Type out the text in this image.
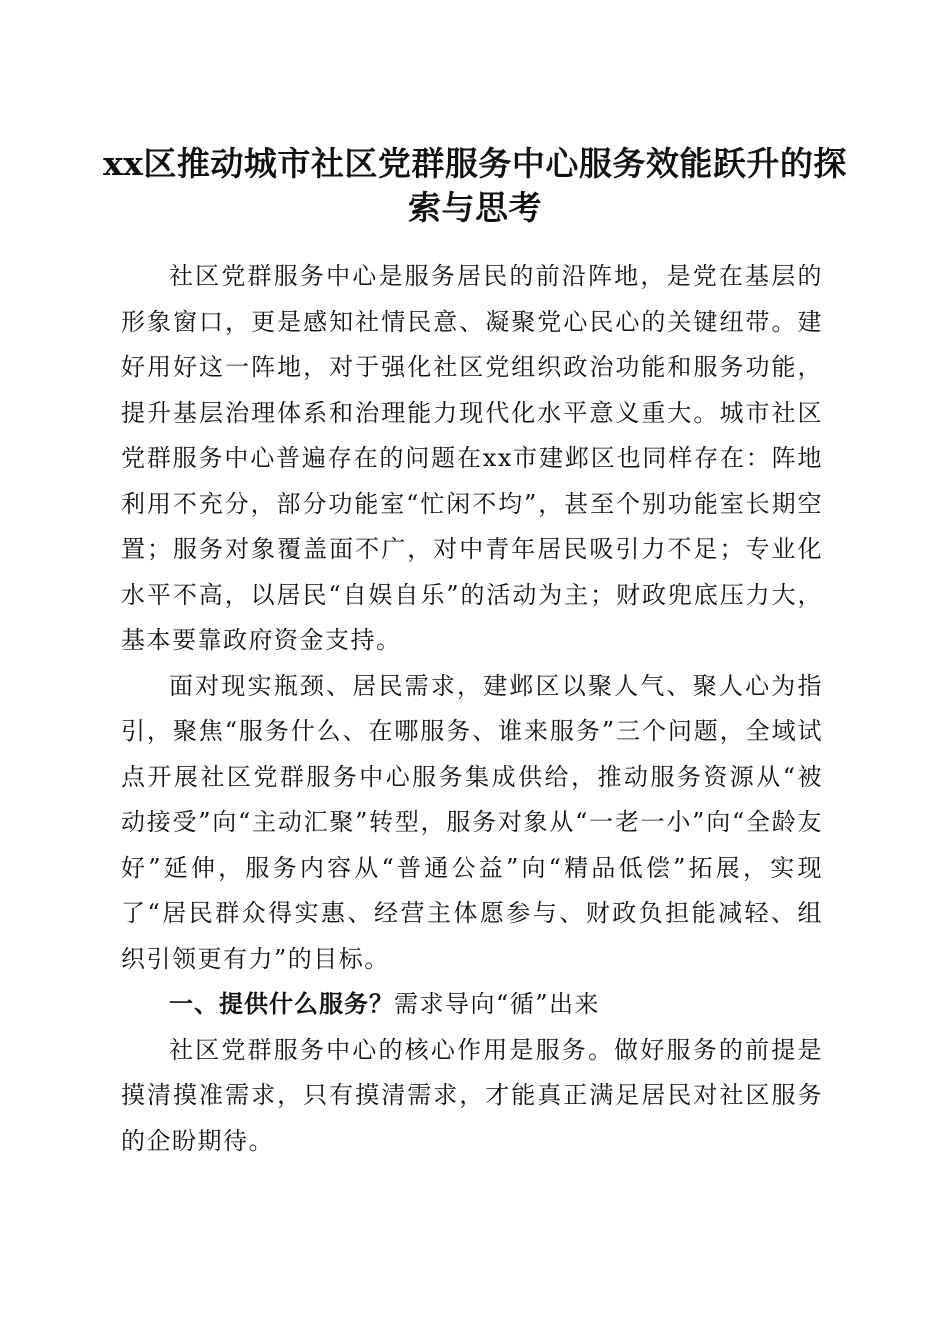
xx区推动城市社区党群服务中心服务效能跃升的探索与思考

社区党群服务中心是服务居民的前沿阵地，是党在基层的形象窗口，更是感知社情民意、凝聚党心民心的关键纽带。建好用好这一阵地，对于强化社区党组织政治功能和服务功能，提升基层治理体系和治理能力现代化水平意义重大。城市社区党群服务中心普遍存在的问题在xx市建邺区也同样存在：阵地利用不充分，部分功能室“忙闲不均”，甚至个别功能室长期空置；服务对象覆盖面不广，对中青年居民吸引力不足；专业化水平不高，以居民“自娱自乐”的活动为主；财政兜底压力大，基本要靠政府资金支持。

面对现实瓶颈、居民需求，建邺区以聚人气、聚人心为指引，聚焦“服务什么、在哪服务、谁来服务”三个问题，全域试点开展社区党群服务中心服务集成供给，推动服务资源从“被动接受”向“主动汇聚”转型，服务对象从“一老一小”向“全龄友好”延伸，服务内容从“普通公益”向“精品低偿”拓展，实现了“居民群众得实惠、经营主体愿参与、财政负担能减轻、组织引领更有力”的目标。

一、提供什么服务？需求导向“循”出来

社区党群服务中心的核心作用是服务。做好服务的前提是摸清摸准需求，只有摸清需求，才能真正满足居民对社区服务的企盼期待。
